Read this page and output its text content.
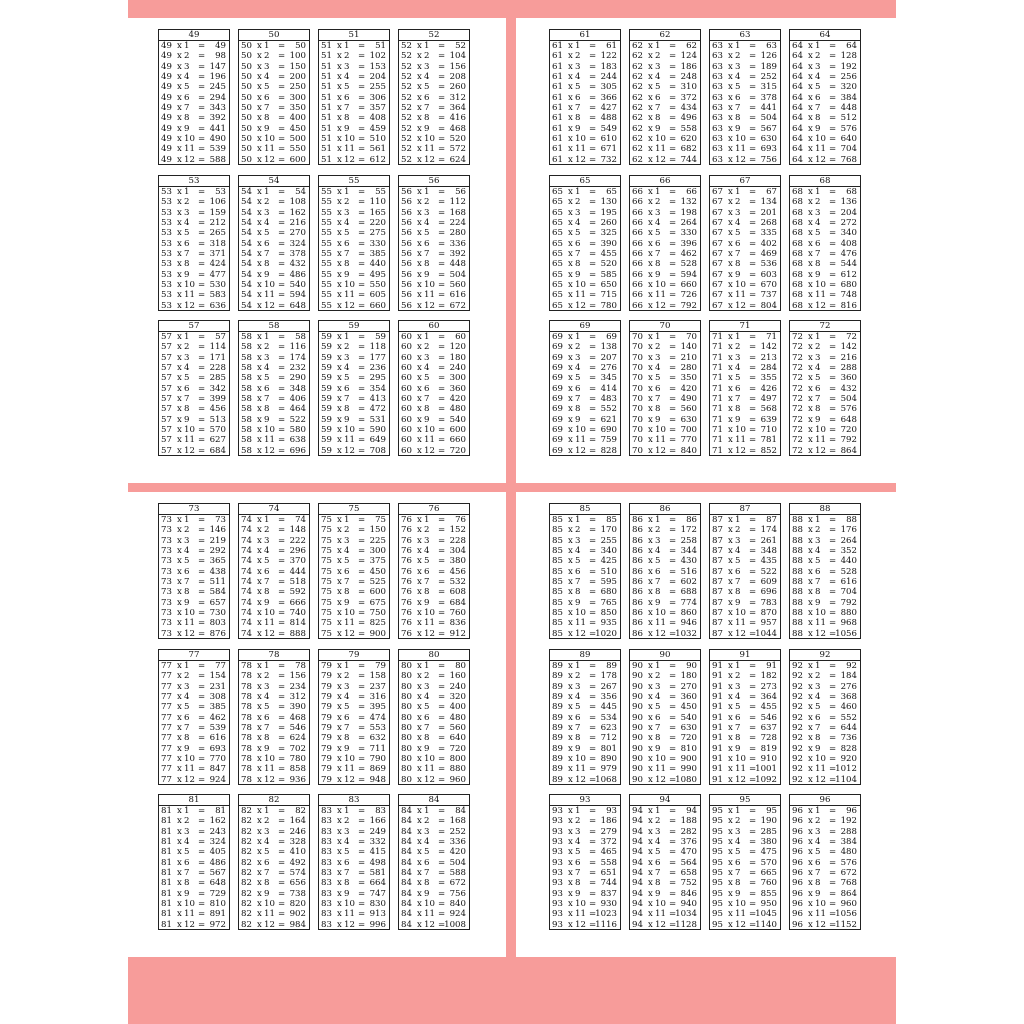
49
49 x 1 = 49
49 x 2 = 98
49 x 3 = 147
49 x 4 = 196
49 x 5 = 245
49 x 6 = 294
49 x 7 = 343
49 x 8 = 392
49 x 9 = 441
49 x 10 = 490
49 x 11 = 539
49 x 12 = 588
50
50 x 1 = 50
50 x 2 = 100
50 x 3 = 150
50 x 4 = 200
50 x 5 = 250
50 x 6 = 300
50 x 7 = 350
50 x 8 = 400
50 x 9 = 450
50 x 10 = 500
50 x 11 = 550
50 x 12 = 600
51
51 x 1 = 51
51 x 2 = 102
51 x 3 = 153
51 x 4 = 204
51 x 5 = 255
51 x 6 = 306
51 x 7 = 357
51 x 8 = 408
51 x 9 = 459
51 x 10 = 510
51 x 11 = 561
51 x 12 = 612
52
52 x 1 = 52
52 x 2 = 104
52 x 3 = 156
52 x 4 = 208
52 x 5 = 260
52 x 6 = 312
52 x 7 = 364
52 x 8 = 416
52 x 9 = 468
52 x 10 = 520
52 x 11 = 572
52 x 12 = 624
53
53 x 1 = 53
53 x 2 = 106
53 x 3 = 159
53 x 4 = 212
53 x 5 = 265
53 x 6 = 318
53 x 7 = 371
53 x 8 = 424
53 x 9 = 477
53 x 10 = 530
53 x 11 = 583
53 x 12 = 636
54
54 x 1 = 54
54 x 2 = 108
54 x 3 = 162
54 x 4 = 216
54 x 5 = 270
54 x 6 = 324
54 x 7 = 378
54 x 8 = 432
54 x 9 = 486
54 x 10 = 540
54 x 11 = 594
54 x 12 = 648
55
55 x 1 = 55
55 x 2 = 110
55 x 3 = 165
55 x 4 = 220
55 x 5 = 275
55 x 6 = 330
55 x 7 = 385
55 x 8 = 440
55 x 9 = 495
55 x 10 = 550
55 x 11 = 605
55 x 12 = 660
56
56 x 1 = 56
56 x 2 = 112
56 x 3 = 168
56 x 4 = 224
56 x 5 = 280
56 x 6 = 336
56 x 7 = 392
56 x 8 = 448
56 x 9 = 504
56 x 10 = 560
56 x 11 = 616
56 x 12 = 672
57
57 x 1 = 57
57 x 2 = 114
57 x 3 = 171
57 x 4 = 228
57 x 5 = 285
57 x 6 = 342
57 x 7 = 399
57 x 8 = 456
57 x 9 = 513
57 x 10 = 570
57 x 11 = 627
57 x 12 = 684
58
58 x 1 = 58
58 x 2 = 116
58 x 3 = 174
58 x 4 = 232
58 x 5 = 290
58 x 6 = 348
58 x 7 = 406
58 x 8 = 464
58 x 9 = 522
58 x 10 = 580
58 x 11 = 638
58 x 12 = 696
59
59 x 1 = 59
59 x 2 = 118
59 x 3 = 177
59 x 4 = 236
59 x 5 = 295
59 x 6 = 354
59 x 7 = 413
59 x 8 = 472
59 x 9 = 531
59 x 10 = 590
59 x 11 = 649
59 x 12 = 708
60
60 x 1 = 60
60 x 2 = 120
60 x 3 = 180
60 x 4 = 240
60 x 5 = 300
60 x 6 = 360
60 x 7 = 420
60 x 8 = 480
60 x 9 = 540
60 x 10 = 600
60 x 11 = 660
60 x 12 = 720
61
61 x 1 = 61
61 x 2 = 122
61 x 3 = 183
61 x 4 = 244
61 x 5 = 305
61 x 6 = 366
61 x 7 = 427
61 x 8 = 488
61 x 9 = 549
61 x 10 = 610
61 x 11 = 671
61 x 12 = 732
62
62 x 1 = 62
62 x 2 = 124
62 x 3 = 186
62 x 4 = 248
62 x 5 = 310
62 x 6 = 372
62 x 7 = 434
62 x 8 = 496
62 x 9 = 558
62 x 10 = 620
62 x 11 = 682
62 x 12 = 744
63
63 x 1 = 63
63 x 2 = 126
63 x 3 = 189
63 x 4 = 252
63 x 5 = 315
63 x 6 = 378
63 x 7 = 441
63 x 8 = 504
63 x 9 = 567
63 x 10 = 630
63 x 11 = 693
63 x 12 = 756
64
64 x 1 = 64
64 x 2 = 128
64 x 3 = 192
64 x 4 = 256
64 x 5 = 320
64 x 6 = 384
64 x 7 = 448
64 x 8 = 512
64 x 9 = 576
64 x 10 = 640
64 x 11 = 704
64 x 12 = 768
65
65 x 1 = 65
65 x 2 = 130
65 x 3 = 195
65 x 4 = 260
65 x 5 = 325
65 x 6 = 390
65 x 7 = 455
65 x 8 = 520
65 x 9 = 585
65 x 10 = 650
65 x 11 = 715
65 x 12 = 780
66
66 x 1 = 66
66 x 2 = 132
66 x 3 = 198
66 x 4 = 264
66 x 5 = 330
66 x 6 = 396
66 x 7 = 462
66 x 8 = 528
66 x 9 = 594
66 x 10 = 660
66 x 11 = 726
66 x 12 = 792
67
67 x 1 = 67
67 x 2 = 134
67 x 3 = 201
67 x 4 = 268
67 x 5 = 335
67 x 6 = 402
67 x 7 = 469
67 x 8 = 536
67 x 9 = 603
67 x 10 = 670
67 x 11 = 737
67 x 12 = 804
68
68 x 1 = 68
68 x 2 = 136
68 x 3 = 204
68 x 4 = 272
68 x 5 = 340
68 x 6 = 408
68 x 7 = 476
68 x 8 = 544
68 x 9 = 612
68 x 10 = 680
68 x 11 = 748
68 x 12 = 816
69
69 x 1 = 69
69 x 2 = 138
69 x 3 = 207
69 x 4 = 276
69 x 5 = 345
69 x 6 = 414
69 x 7 = 483
69 x 8 = 552
69 x 9 = 621
69 x 10 = 690
69 x 11 = 759
69 x 12 = 828
70
70 x 1 = 70
70 x 2 = 140
70 x 3 = 210
70 x 4 = 280
70 x 5 = 350
70 x 6 = 420
70 x 7 = 490
70 x 8 = 560
70 x 9 = 630
70 x 10 = 700
70 x 11 = 770
70 x 12 = 840
71
71 x 1 = 71
71 x 2 = 142
71 x 3 = 213
71 x 4 = 284
71 x 5 = 355
71 x 6 = 426
71 x 7 = 497
71 x 8 = 568
71 x 9 = 639
71 x 10 = 710
71 x 11 = 781
71 x 12 = 852
72
72 x 1 = 72
72 x 2 = 142
72 x 3 = 216
72 x 4 = 288
72 x 5 = 360
72 x 6 = 432
72 x 7 = 504
72 x 8 = 576
72 x 9 = 648
72 x 10 = 720
72 x 11 = 792
72 x 12 = 864
73
73 x 1 = 73
73 x 2 = 146
73 x 3 = 219
73 x 4 = 292
73 x 5 = 365
73 x 6 = 438
73 x 7 = 511
73 x 8 = 584
73 x 9 = 657
73 x 10 = 730
73 x 11 = 803
73 x 12 = 876
74
74 x 1 = 74
74 x 2 = 148
74 x 3 = 222
74 x 4 = 296
74 x 5 = 370
74 x 6 = 444
74 x 7 = 518
74 x 8 = 592
74 x 9 = 666
74 x 10 = 740
74 x 11 = 814
74 x 12 = 888
75
75 x 1 = 75
75 x 2 = 150
75 x 3 = 225
75 x 4 = 300
75 x 5 = 375
75 x 6 = 450
75 x 7 = 525
75 x 8 = 600
75 x 9 = 675
75 x 10 = 750
75 x 11 = 825
75 x 12 = 900
76
76 x 1 = 76
76 x 2 = 152
76 x 3 = 228
76 x 4 = 304
76 x 5 = 380
76 x 6 = 456
76 x 7 = 532
76 x 8 = 608
76 x 9 = 684
76 x 10 = 760
76 x 11 = 836
76 x 12 = 912
77
77 x 1 = 77
77 x 2 = 154
77 x 3 = 231
77 x 4 = 308
77 x 5 = 385
77 x 6 = 462
77 x 7 = 539
77 x 8 = 616
77 x 9 = 693
77 x 10 = 770
77 x 11 = 847
77 x 12 = 924
78
78 x 1 = 78
78 x 2 = 156
78 x 3 = 234
78 x 4 = 312
78 x 5 = 390
78 x 6 = 468
78 x 7 = 546
78 x 8 = 624
78 x 9 = 702
78 x 10 = 780
78 x 11 = 858
78 x 12 = 936
79
79 x 1 = 79
79 x 2 = 158
79 x 3 = 237
79 x 4 = 316
79 x 5 = 395
79 x 6 = 474
79 x 7 = 553
79 x 8 = 632
79 x 9 = 711
79 x 10 = 790
79 x 11 = 869
79 x 12 = 948
80
80 x 1 = 80
80 x 2 = 160
80 x 3 = 240
80 x 4 = 320
80 x 5 = 400
80 x 6 = 480
80 x 7 = 560
80 x 8 = 640
80 x 9 = 720
80 x 10 = 800
80 x 11 = 880
80 x 12 = 960
81
81 x 1 = 81
81 x 2 = 162
81 x 3 = 243
81 x 4 = 324
81 x 5 = 405
81 x 6 = 486
81 x 7 = 567
81 x 8 = 648
81 x 9 = 729
81 x 10 = 810
81 x 11 = 891
81 x 12 = 972
82
82 x 1 = 82
82 x 2 = 164
82 x 3 = 246
82 x 4 = 328
82 x 5 = 410
82 x 6 = 492
82 x 7 = 574
82 x 8 = 656
82 x 9 = 738
82 x 10 = 820
82 x 11 = 902
82 x 12 = 984
83
83 x 1 = 83
83 x 2 = 166
83 x 3 = 249
83 x 4 = 332
83 x 5 = 415
83 x 6 = 498
83 x 7 = 581
83 x 8 = 664
83 x 9 = 747
83 x 10 = 830
83 x 11 = 913
83 x 12 = 996
84
84 x 1 = 84
84 x 2 = 168
84 x 3 = 252
84 x 4 = 336
84 x 5 = 420
84 x 6 = 504
84 x 7 = 588
84 x 8 = 672
84 x 9 = 756
84 x 10 = 840
84 x 11 = 924
84 x 12 =
1008
85
85 x 1 = 85
85 x 2 = 170
85 x 3 = 255
85 x 4 = 340
85 x 5 = 425
85 x 6 = 510
85 x 7 = 595
85 x 8 = 680
85 x 9 = 765
85 x 10 = 850
85 x 11 = 935
85 x 12 =
1020
86
86 x 1 = 86
86 x 2 = 172
86 x 3 = 258
86 x 4 = 344
86 x 5 = 430
86 x 6 = 516
86 x 7 = 602
86 x 8 = 688
86 x 9 = 774
86 x 10 = 860
86 x 11 = 946
86 x 12 =
1032
87
87 x 1 = 87
87 x 2 = 174
87 x 3 = 261
87 x 4 = 348
87 x 5 = 435
87 x 6 = 522
87 x 7 = 609
87 x 8 = 696
87 x 9 = 783
87 x 10 = 870
87 x 11 = 957
87 x 12 =
1044
88
88 x 1 = 88
88 x 2 = 176
88 x 3 = 264
88 x 4 = 352
88 x 5 = 440
88 x 6 = 528
88 x 7 = 616
88 x 8 = 704
88 x 9 = 792
88 x 10 = 880
88 x 11 = 968
88 x 12 =
1056
89
89 x 1 = 89
89 x 2 = 178
89 x 3 = 267
89 x 4 = 356
89 x 5 = 445
89 x 6 = 534
89 x 7 = 623
89 x 8 = 712
89 x 9 = 801
89 x 10 = 890
89 x 11 = 979
89 x 12 =
1068
90
90 x 1 = 90
90 x 2 = 180
90 x 3 = 270
90 x 4 = 360
90 x 5 = 450
90 x 6 = 540
90 x 7 = 630
90 x 8 = 720
90 x 9 = 810
90 x 10 = 900
90 x 11 = 990
90 x 12 =
1080
91
91 x 1 = 91
91 x 2 = 182
91 x 3 = 273
91 x 4 = 364
91 x 5 = 455
91 x 6 = 546
91 x 7 = 637
91 x 8 = 728
91 x 9 = 819
91 x 10 = 910
91 x 11 =
1001
91 x 12 =
1092
92
92 x 1 = 92
92 x 2 = 184
92 x 3 = 276
92 x 4 = 368
92 x 5 = 460
92 x 6 = 552
92 x 7 = 644
92 x 8 = 736
92 x 9 = 828
92 x 10 = 920
92 x 11 =
1012
92 x 12 =
1104
93
93 x 1 = 93
93 x 2 = 186
93 x 3 = 279
93 x 4 = 372
93 x 5 = 465
93 x 6 = 558
93 x 7 = 651
93 x 8 = 744
93 x 9 = 837
93 x 10 = 930
93 x 11 =
1023
93 x 12 =
1116
94
94 x 1 = 94
94 x 2 = 188
94 x 3 = 282
94 x 4 = 376
94 x 5 = 470
94 x 6 = 564
94 x 7 = 658
94 x 8 = 752
94 x 9 = 846
94 x 10 = 940
94 x 11 =
1034
94 x 12 =
1128
95
95 x 1 = 95
95 x 2 = 190
95 x 3 = 285
95 x 4 = 380
95 x 5 = 475
95 x 6 = 570
95 x 7 = 665
95 x 8 = 760
95 x 9 = 855
95 x 10 = 950
95 x 11 =
1045
95 x 12 =
1140
96
96 x 1 = 96
96 x 2 = 192
96 x 3 = 288
96 x 4 = 384
96 x 5 = 480
96 x 6 = 576
96 x 7 = 672
96 x 8 = 768
96 x 9 = 864
96 x 10 = 960
96 x 11 =
1056
96 x 12 =
1152
